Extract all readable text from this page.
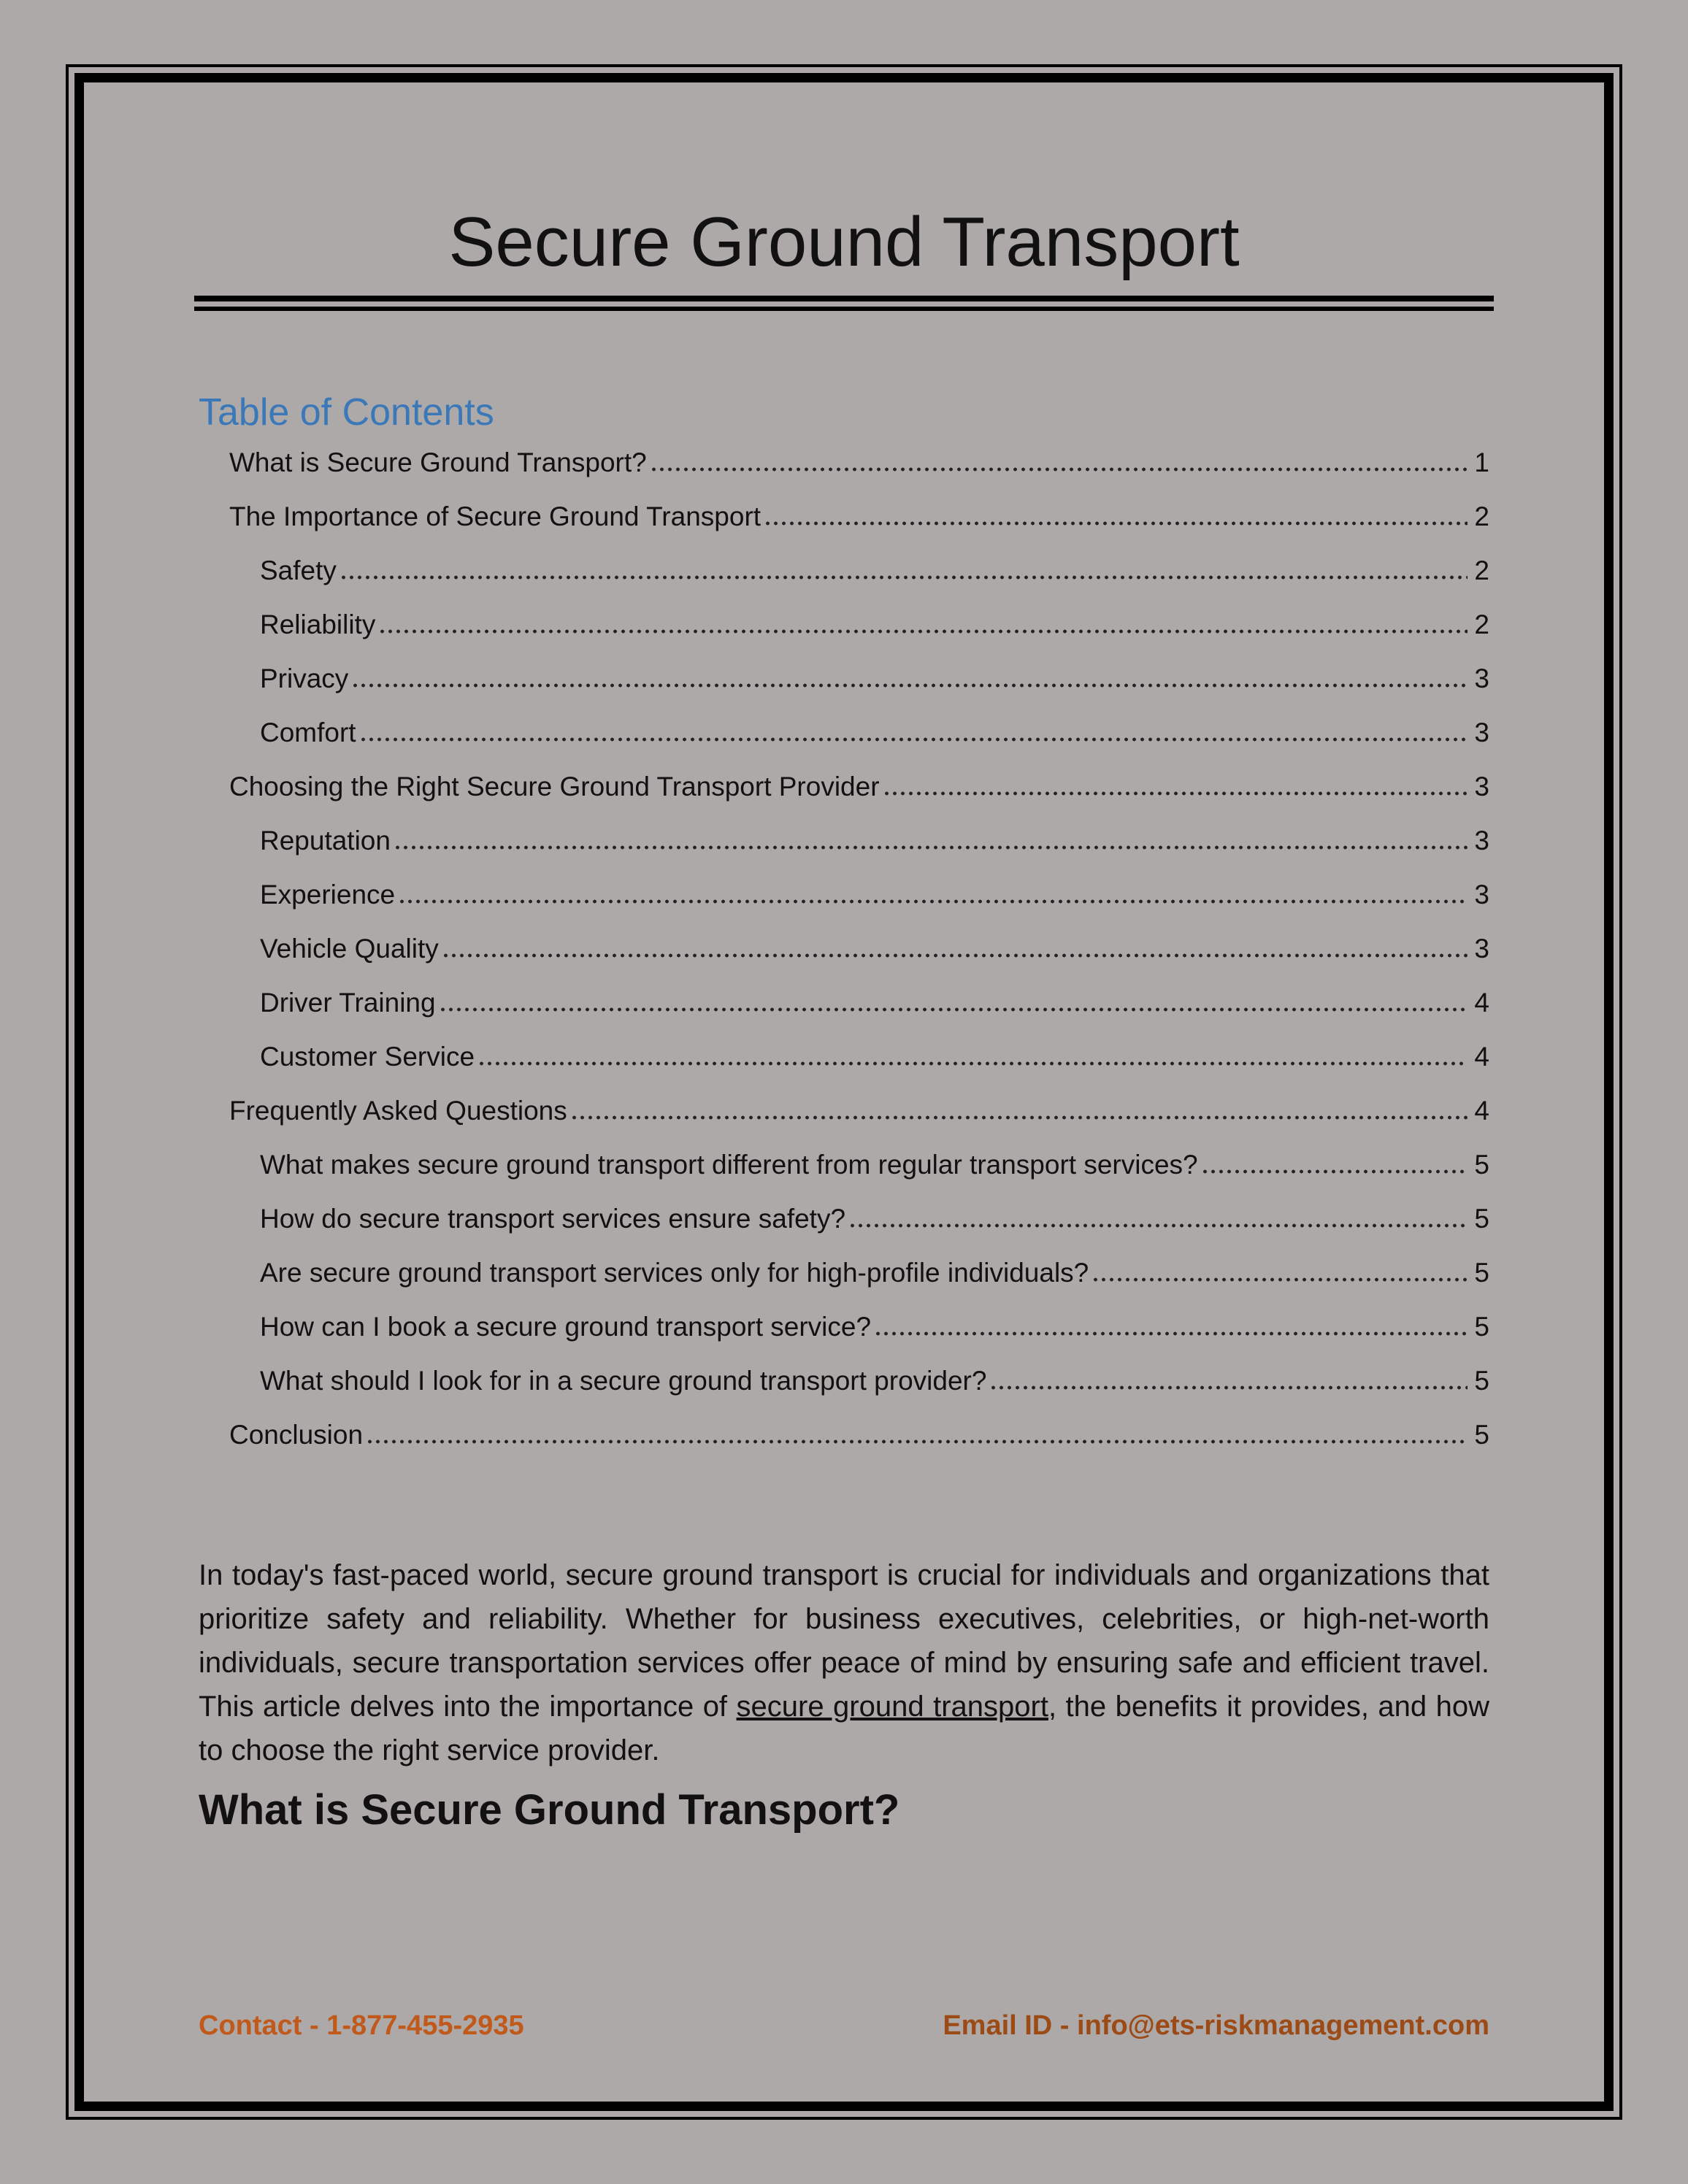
Secure Ground Transport
Table of Contents
What is Secure Ground Transport?	1
The Importance of Secure Ground Transport	2
Safety	2
Reliability	2
Privacy	3
Comfort	3
Choosing the Right Secure Ground Transport Provider	3
Reputation	3
Experience	3
Vehicle Quality	3
Driver Training	4
Customer Service	4
Frequently Asked Questions	4
What makes secure ground transport different from regular transport services?	5
How do secure transport services ensure safety?	5
Are secure ground transport services only for high-profile individuals?	5
How can I book a secure ground transport service?	5
What should I look for in a secure ground transport provider?	5
Conclusion	5

In today's fast-paced world, secure ground transport is crucial for individuals and organizations that prioritize safety and reliability. Whether for business executives, celebrities, or high-net-worth individuals, secure transportation services offer peace of mind by ensuring safe and efficient travel. This article delves into the importance of secure ground transport, the benefits it provides, and how to choose the right service provider.

What is Secure Ground Transport?
Contact - 1-877-455-2935	Email ID - info@ets-riskmanagement.com
